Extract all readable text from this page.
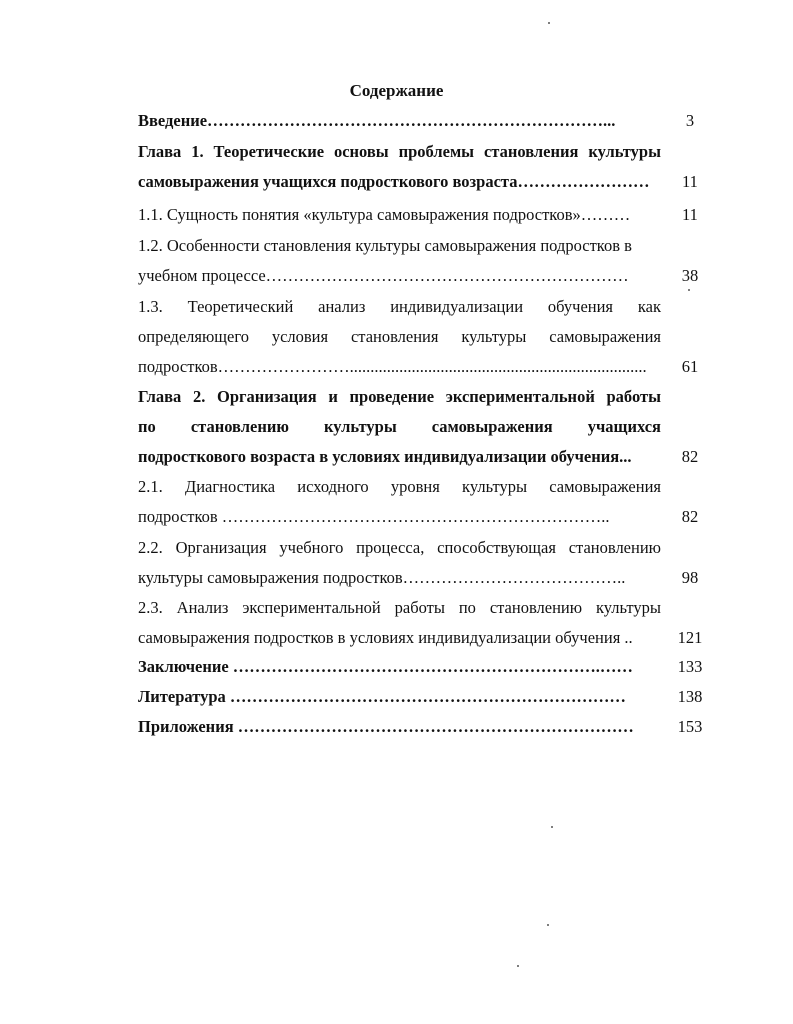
Содержание
Введение………………………………………………………………...	3
Глава 1. Теоретические основы проблемы становления культуры
самовыражения учащихся подросткового возраста……………………	11
1.1. Сущность понятия «культура самовыражения подростков»………	11
1.2. Особенности становления культуры самовыражения подростков в
учебном процессе…………………………………………………………	38
1.3. Теоретический анализ индивидуализации обучения как
определяющего условия становления культуры самовыражения
подростков……………………........................................................................	61
Глава 2. Организация и проведение экспериментальной работы
по становлению культуры самовыражения учащихся
подросткового возраста в условиях индивидуализации обучения...	82
2.1. Диагностика исходного уровня культуры самовыражения
подростков ……………………………………………………………..	82
2.2. Организация учебного процесса, способствующая становлению
культуры самовыражения подростков…………………………………..	98
2.3. Анализ экспериментальной работы по становлению культуры
самовыражения подростков в условиях индивидуализации обучения ..	121
Заключение ………………………………………………………….……	133
Литература ………………………………………………………………	138
Приложения ………………………………………………………………	153
